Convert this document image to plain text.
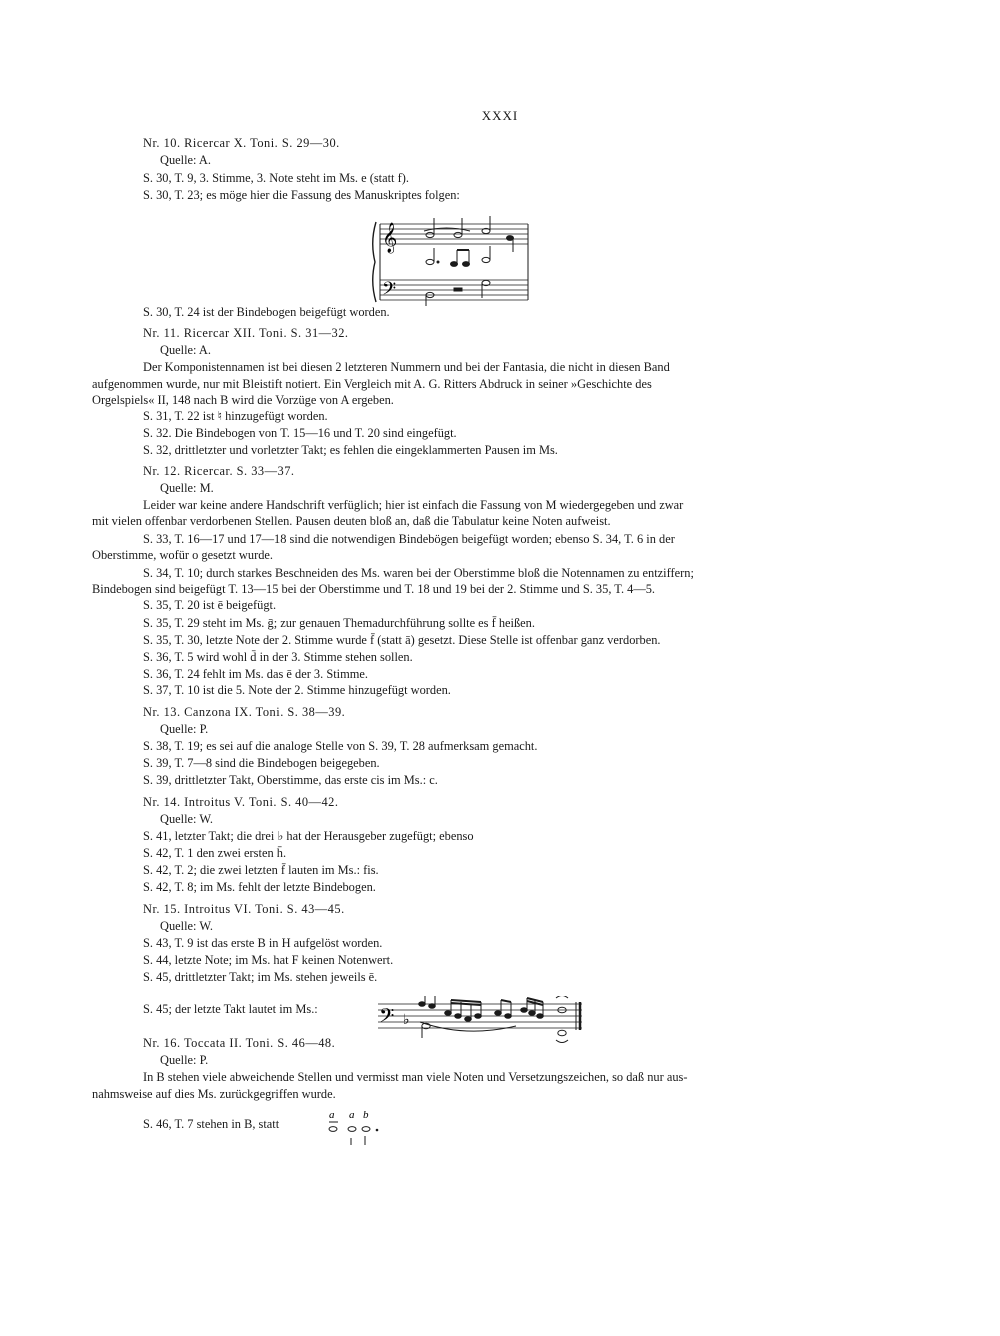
XXXI
Nr. 10. Ricercar X. Toni. S. 29—30.
Quelle: A.
S. 30, T. 9, 3. Stimme, 3. Note steht im Ms. e (statt f).
S. 30, T. 23; es möge hier die Fassung des Manuskriptes folgen:
S. 30, T. 24 ist der Bindebogen beigefügt worden.
Nr. 11. Ricercar XII. Toni. S. 31—32.
Quelle: A.
Der Komponistennamen ist bei diesen 2 letzteren Nummern und bei der Fantasia, die nicht in diesen Band
aufgenommen wurde, nur mit Bleistift notiert. Ein Vergleich mit A. G. Ritters Abdruck in seiner »Geschichte des
Orgelspiels« II, 148 nach B wird die Vorzüge von A ergeben.
S. 31, T. 22 ist ♮ hinzugefügt worden.
S. 32. Die Bindebogen von T. 15—16 und T. 20 sind eingefügt.
S. 32, drittletzter und vorletzter Takt; es fehlen die eingeklammerten Pausen im Ms.
Nr. 12. Ricercar. S. 33—37.
Quelle: M.
Leider war keine andere Handschrift verfüglich; hier ist einfach die Fassung von M wiedergegeben und zwar
mit vielen offenbar verdorbenen Stellen. Pausen deuten bloß an, daß die Tabulatur keine Noten aufweist.
S. 33, T. 16—17 und 17—18 sind die notwendigen Bindebögen beigefügt worden; ebenso S. 34, T. 6 in der
Oberstimme, wofür o gesetzt wurde.
S. 34, T. 10; durch starkes Beschneiden des Ms. waren bei der Oberstimme bloß die Notennamen zu entziffern;
Bindebogen sind beigefügt T. 13—15 bei der Oberstimme und T. 18 und 19 bei der 2. Stimme und S. 35, T. 4—5.
S. 35, T. 20 ist ē beigefügt.
S. 35, T. 29 steht im Ms. ḡ; zur genauen Themadurchführung sollte es f̄ heißen.
S. 35, T. 30, letzte Note der 2. Stimme wurde f̄ (statt ā) gesetzt. Diese Stelle ist offenbar ganz verdorben.
S. 36, T. 5 wird wohl d̄ in der 3. Stimme stehen sollen.
S. 36, T. 24 fehlt im Ms. das ē der 3. Stimme.
S. 37, T. 10 ist die 5. Note der 2. Stimme hinzugefügt worden.
Nr. 13. Canzona IX. Toni. S. 38—39.
Quelle: P.
S. 38, T. 19; es sei auf die analoge Stelle von S. 39, T. 28 aufmerksam gemacht.
S. 39, T. 7—8 sind die Bindebogen beigegeben.
S. 39, drittletzter Takt, Oberstimme, das erste cis im Ms.: c.
Nr. 14. Introitus V. Toni. S. 40—42.
Quelle: W.
S. 41, letzter Takt; die drei ♭ hat der Herausgeber zugefügt; ebenso
S. 42, T. 1 den zwei ersten h̄.
S. 42, T. 2; die zwei letzten f̄ lauten im Ms.: fis.
S. 42, T. 8; im Ms. fehlt der letzte Bindebogen.
Nr. 15. Introitus VI. Toni. S. 43—45.
Quelle: W.
S. 43, T. 9 ist das erste B in H aufgelöst worden.
S. 44, letzte Note; im Ms. hat F keinen Notenwert.
S. 45, drittletzter Takt; im Ms. stehen jeweils ē.
S. 45; der letzte Takt lautet im Ms.:
Nr. 16. Toccata II. Toni. S. 46—48.
Quelle: P.
In B stehen viele abweichende Stellen und vermisst man viele Noten und Versetzungszeichen, so daß nur aus-
nahmsweise auf dies Ms. zurückgegriffen wurde.
S. 46, T. 7 stehen in B, statt
𝄞
𝄢
𝄢 ♭
a a b
